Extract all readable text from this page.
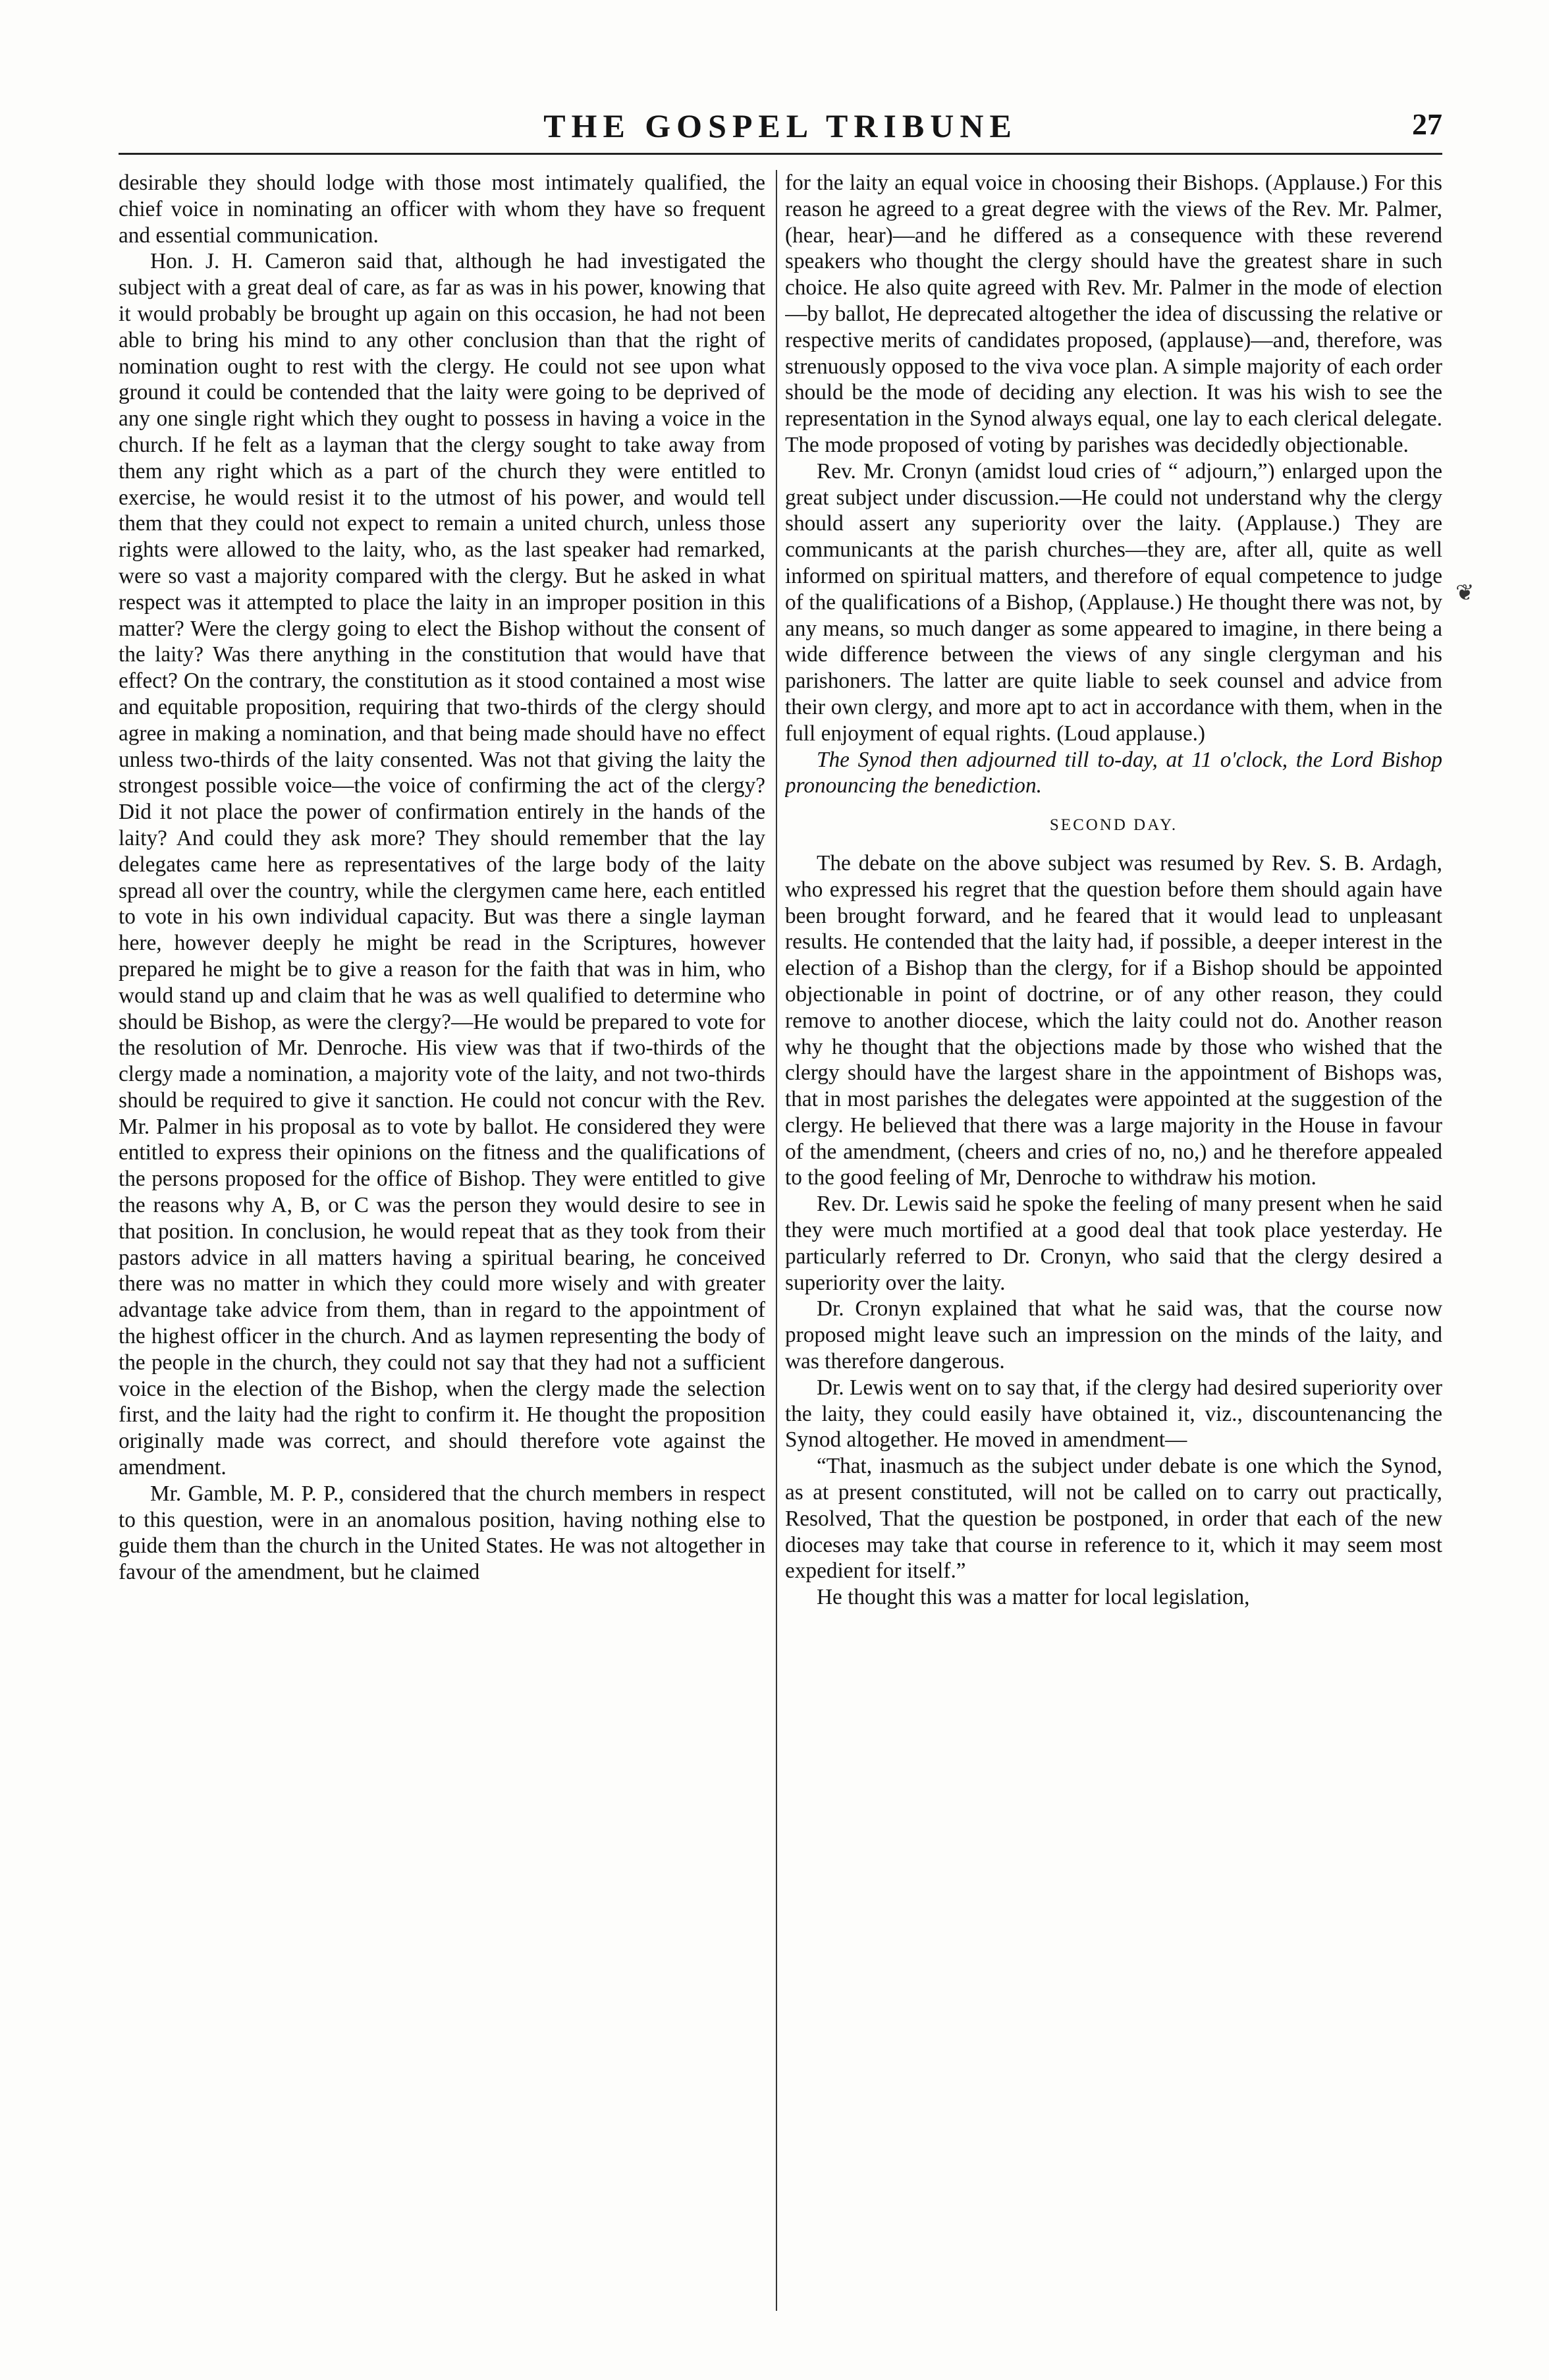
THE GOSPEL TRIBUNE	27

desirable they should lodge with those most intimately qualified, the chief voice in nominating an officer with whom they have so frequent and essential communication.

Hon. J. H. Cameron said that, although he had investigated the subject with a great deal of care, as far as was in his power, knowing that it would probably be brought up again on this occasion, he had not been able to bring his mind to any other conclusion than that the right of nomination ought to rest with the clergy. He could not see upon what ground it could be contended that the laity were going to be deprived of any one single right which they ought to possess in having a voice in the church. If he felt as a layman that the clergy sought to take away from them any right which as a part of the church they were entitled to exercise, he would resist it to the utmost of his power, and would tell them that they could not expect to remain a united church, unless those rights were allowed to the laity, who, as the last speaker had remarked, were so vast a majority compared with the clergy. But he asked in what respect was it attempted to place the laity in an improper position in this matter? Were the clergy going to elect the Bishop without the consent of the laity? Was there anything in the constitution that would have that effect? On the contrary, the constitution as it stood contained a most wise and equitable proposition, requiring that two-thirds of the clergy should agree in making a nomination, and that being made should have no effect unless two-thirds of the laity consented. Was not that giving the laity the strongest possible voice—the voice of confirming the act of the clergy? Did it not place the power of confirmation entirely in the hands of the laity? And could they ask more? They should remember that the lay delegates came here as representatives of the large body of the laity spread all over the country, while the clergymen came here, each entitled to vote in his own individual capacity. But was there a single layman here, however deeply he might be read in the Scriptures, however prepared he might be to give a reason for the faith that was in him, who would stand up and claim that he was as well qualified to determine who should be Bishop, as were the clergy?—He would be prepared to vote for the resolution of Mr. Denroche. His view was that if two-thirds of the clergy made a nomination, a majority vote of the laity, and not two-thirds should be required to give it sanction. He could not concur with the Rev. Mr. Palmer in his proposal as to vote by ballot. He considered they were entitled to express their opinions on the fitness and the qualifications of the persons proposed for the office of Bishop. They were entitled to give the reasons why A, B, or C was the person they would desire to see in that position. In conclusion, he would repeat that as they took from their pastors advice in all matters having a spiritual bearing, he conceived there was no matter in which they could more wisely and with greater advantage take advice from them, than in regard to the appointment of the highest officer in the church. And as laymen representing the body of the people in the church, they could not say that they had not a sufficient voice in the election of the Bishop, when the clergy made the selection first, and the laity had the right to confirm it. He thought the proposition originally made was correct, and should therefore vote against the amendment.

Mr. Gamble, M. P. P., considered that the church members in respect to this question, were in an anomalous position, having nothing else to guide them than the church in the United States. He was not altogether in favour of the amendment, but he claimed

for the laity an equal voice in choosing their Bishops. (Applause.) For this reason he agreed to a great degree with the views of the Rev. Mr. Palmer, (hear, hear)—and he differed as a consequence with these reverend speakers who thought the clergy should have the greatest share in such choice. He also quite agreed with Rev. Mr. Palmer in the mode of election—by ballot, He deprecated altogether the idea of discussing the relative or respective merits of candidates proposed, (applause)—and, therefore, was strenuously opposed to the viva voce plan. A simple majority of each order should be the mode of deciding any election. It was his wish to see the representation in the Synod always equal, one lay to each clerical delegate. The mode proposed of voting by parishes was decidedly objectionable.

Rev. Mr. Cronyn (amidst loud cries of “ adjourn,”) enlarged upon the great subject under discussion.—He could not understand why the clergy should assert any superiority over the laity. (Applause.) They are communicants at the parish churches—they are, after all, quite as well informed on spiritual matters, and therefore of equal competence to judge of the qualifications of a Bishop, (Applause.) He thought there was not, by any means, so much danger as some appeared to imagine, in there being a wide difference between the views of any single clergyman and his parishoners. The latter are quite liable to seek counsel and advice from their own clergy, and more apt to act in accordance with them, when in the full enjoyment of equal rights. (Loud applause.)

The Synod then adjourned till to-day, at 11 o'clock, the Lord Bishop pronouncing the benediction.

SECOND DAY.

The debate on the above subject was resumed by Rev. S. B. Ardagh, who expressed his regret that the question before them should again have been brought forward, and he feared that it would lead to unpleasant results. He contended that the laity had, if possible, a deeper interest in the election of a Bishop than the clergy, for if a Bishop should be appointed objectionable in point of doctrine, or of any other reason, they could remove to another diocese, which the laity could not do. Another reason why he thought that the objections made by those who wished that the clergy should have the largest share in the appointment of Bishops was, that in most parishes the delegates were appointed at the suggestion of the clergy. He believed that there was a large majority in the House in favour of the amendment, (cheers and cries of no, no,) and he therefore appealed to the good feeling of Mr, Denroche to withdraw his motion.

Rev. Dr. Lewis said he spoke the feeling of many present when he said they were much mortified at a good deal that took place yesterday. He particularly referred to Dr. Cronyn, who said that the clergy desired a superiority over the laity.

Dr. Cronyn explained that what he said was, that the course now proposed might leave such an impression on the minds of the laity, and was therefore dangerous.

Dr. Lewis went on to say that, if the clergy had desired superiority over the laity, they could easily have obtained it, viz., discountenancing the Synod altogether. He moved in amendment—

“That, inasmuch as the subject under debate is one which the Synod, as at present constituted, will not be called on to carry out practically, Resolved, That the question be postponed, in order that each of the new dioceses may take that course in reference to it, which it may seem most expedient for itself.”

He thought this was a matter for local legislation,

❦
